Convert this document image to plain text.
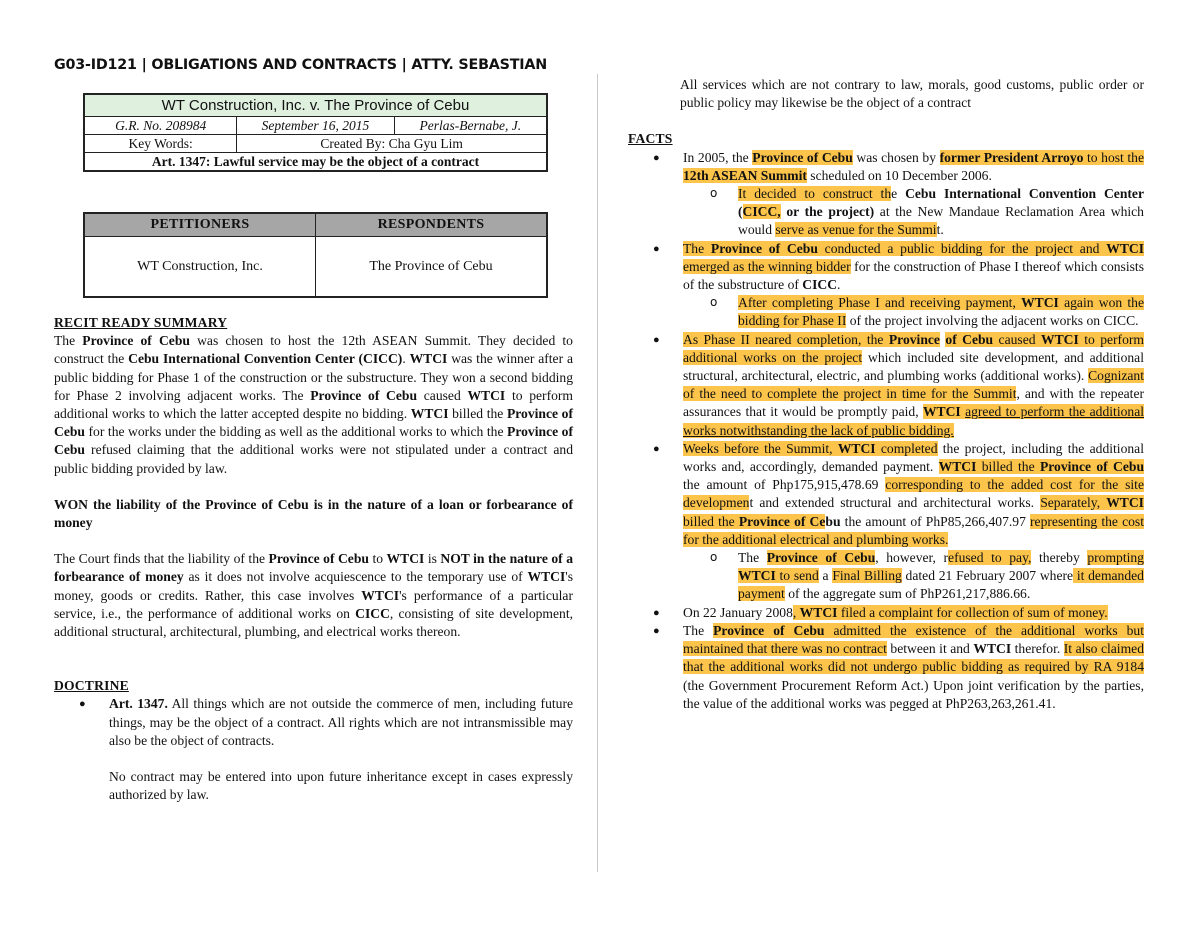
G03-ID121 | OBLIGATIONS AND CONTRACTS | ATTY. SEBASTIAN
WT Construction, Inc. v. The Province of Cebu		
G.R. No. 208984	September 16, 2015	Perlas-Bernabe, J.
Key Words:	Created By: Cha Gyu Lim	
Art. 1347: Lawful service may be the object of a contract		
PETITIONERS	RESPONDENTS
WT Construction, Inc.	The Province of Cebu
RECIT READY SUMMARY

The Province of Cebu was chosen to host the 12th ASEAN Summit. They decided to construct the Cebu International Convention Center (CICC). WTCI was the winner after a public bidding for Phase 1 of the construction or the substructure. They won a second bidding for Phase 2 involving adjacent works. The Province of Cebu caused WTCI to perform additional works to which the latter accepted despite no bidding. WTCI billed the Province of Cebu for the works under the bidding as well as the additional works to which the Province of Cebu refused claiming that the additional works were not stipulated under a contract and public bidding provided by law.

WON the liability of the Province of Cebu is in the nature of a loan or forbearance of money

The Court finds that the liability of the Province of Cebu to WTCI is NOT in the nature of a forbearance of money as it does not involve acquiescence to the temporary use of WTCI's money, goods or credits. Rather, this case involves WTCI's performance of a particular service, i.e., the performance of additional works on CICC, consisting of site development, additional structural, architectural, plumbing, and electrical works thereon.

DOCTRINE
● Art. 1347. All things which are not outside the commerce of men, including future things, may be the object of a contract. All rights which are not intransmissible may also be the object of contracts.

No contract may be entered into upon future inheritance except in cases expressly authorized by law.

All services which are not contrary to law, morals, good customs, public order or public policy may likewise be the object of a contract

FACTS
● In 2005, the Province of Cebu was chosen by former President Arroyo to host the 12th ASEAN Summit scheduled on 10 December 2006.
o It decided to construct the Cebu International Convention Center (CICC, or the project) at the New Mandaue Reclamation Area which would serve as venue for the Summit.
● The Province of Cebu conducted a public bidding for the project and WTCI emerged as the winning bidder for the construction of Phase I thereof which consists of the substructure of CICC.
o After completing Phase I and receiving payment, WTCI again won the bidding for Phase II of the project involving the adjacent works on CICC.
● As Phase II neared completion, the Province of Cebu caused WTCI to perform additional works on the project which included site development, and additional structural, architectural, electric, and plumbing works (additional works). Cognizant of the need to complete the project in time for the Summit, and with the repeater assurances that it would be promptly paid, WTCI agreed to perform the additional works notwithstanding the lack of public bidding.
● Weeks before the Summit, WTCI completed the project, including the additional works and, accordingly, demanded payment. WTCI billed the Province of Cebu the amount of Php175,915,478.69 corresponding to the added cost for the site development and extended structural and architectural works. Separately, WTCI billed the Province of Cebu the amount of PhP85,266,407.97 representing the cost for the additional electrical and plumbing works.
o The Province of Cebu, however, refused to pay, thereby prompting WTCI to send a Final Billing dated 21 February 2007 where it demanded payment of the aggregate sum of PhP261,217,886.66.
● On 22 January 2008, WTCI filed a complaint for collection of sum of money.
● The Province of Cebu admitted the existence of the additional works but maintained that there was no contract between it and WTCI therefor. It also claimed that the additional works did not undergo public bidding as required by RA 9184 (the Government Procurement Reform Act.) Upon joint verification by the parties, the value of the additional works was pegged at PhP263,263,261.41.
